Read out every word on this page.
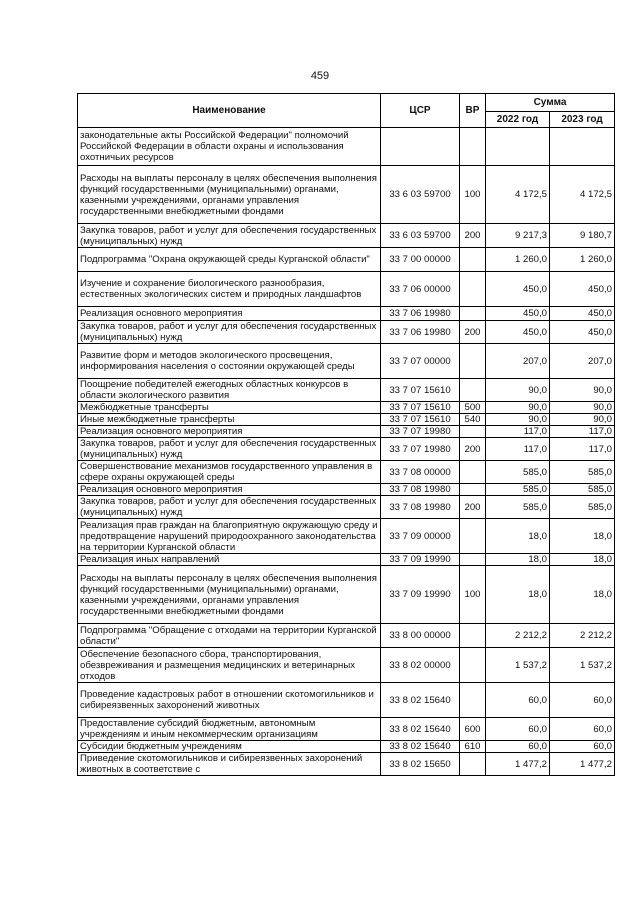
459
Наименование	ЦСР	ВР	Сумма	
			2022 год	2023 год
законодательные акты Российской Федерации" полномочий Российской Федерации в области охраны и использования охотничьих ресурсов				
Расходы на выплаты персоналу в целях обеспечения выполнения функций государственными (муниципальными) органами, казенными учреждениями, органами управления государственными внебюджетными фондами	33 6 03 59700	100	4 172,5	4 172,5
Закупка товаров, работ и услуг для обеспечения государственных (муниципальных) нужд	33 6 03 59700	200	9 217,3	9 180,7
Подпрограмма "Охрана окружающей среды Курганской области"	33 7 00 00000		1 260,0	1 260,0
Изучение и сохранение биологического разнообразия, естественных экологических систем и природных ландшафтов	33 7 06 00000		450,0	450,0
Реализация основного мероприятия	33 7 06 19980		450,0	450,0
Закупка товаров, работ и услуг для обеспечения государственных (муниципальных) нужд	33 7 06 19980	200	450,0	450,0
Развитие форм и методов экологического просвещения, информирования населения о состоянии окружающей среды	33 7 07 00000		207,0	207,0
Поощрение победителей ежегодных областных конкурсов в области экологического развития	33 7 07 15610		90,0	90,0
Межбюджетные трансферты	33 7 07 15610	500	90,0	90,0
Иные межбюджетные трансферты	33 7 07 15610	540	90,0	90,0
Реализация основного мероприятия	33 7 07 19980		117,0	117,0
Закупка товаров, работ и услуг для обеспечения государственных (муниципальных) нужд	33 7 07 19980	200	117,0	117,0
Совершенствование механизмов государственного управления в сфере охраны окружающей среды	33 7 08 00000		585,0	585,0
Реализация основного мероприятия	33 7 08 19980		585,0	585,0
Закупка товаров, работ и услуг для обеспечения государственных (муниципальных) нужд	33 7 08 19980	200	585,0	585,0
Реализация прав граждан на благоприятную окружающую среду и предотвращение нарушений природоохранного законодательства на территории Курганской области	33 7 09 00000		18,0	18,0
Реализация иных направлений	33 7 09 19990		18,0	18,0
Расходы на выплаты персоналу в целях обеспечения выполнения функций государственными (муниципальными) органами, казенными учреждениями, органами управления государственными внебюджетными фондами	33 7 09 19990	100	18,0	18,0
Подпрограмма "Обращение с отходами на территории Курганской области"	33 8 00 00000		2 212,2	2 212,2
Обеспечение безопасного сбора, транспортирования, обезвреживания и размещения медицинских и ветеринарных отходов	33 8 02 00000		1 537,2	1 537,2
Проведение кадастровых работ в отношении скотомогильников и сибиреязвенных захоронений животных	33 8 02 15640		60,0	60,0
Предоставление субсидий бюджетным, автономным учреждениям и иным некоммерческим организациям	33 8 02 15640	600	60,0	60,0
Субсидии бюджетным учреждениям	33 8 02 15640	610	60,0	60,0
Приведение скотомогильников и сибиреязвенных захоронений животных в соответствие с	33 8 02 15650		1 477,2	1 477,2
